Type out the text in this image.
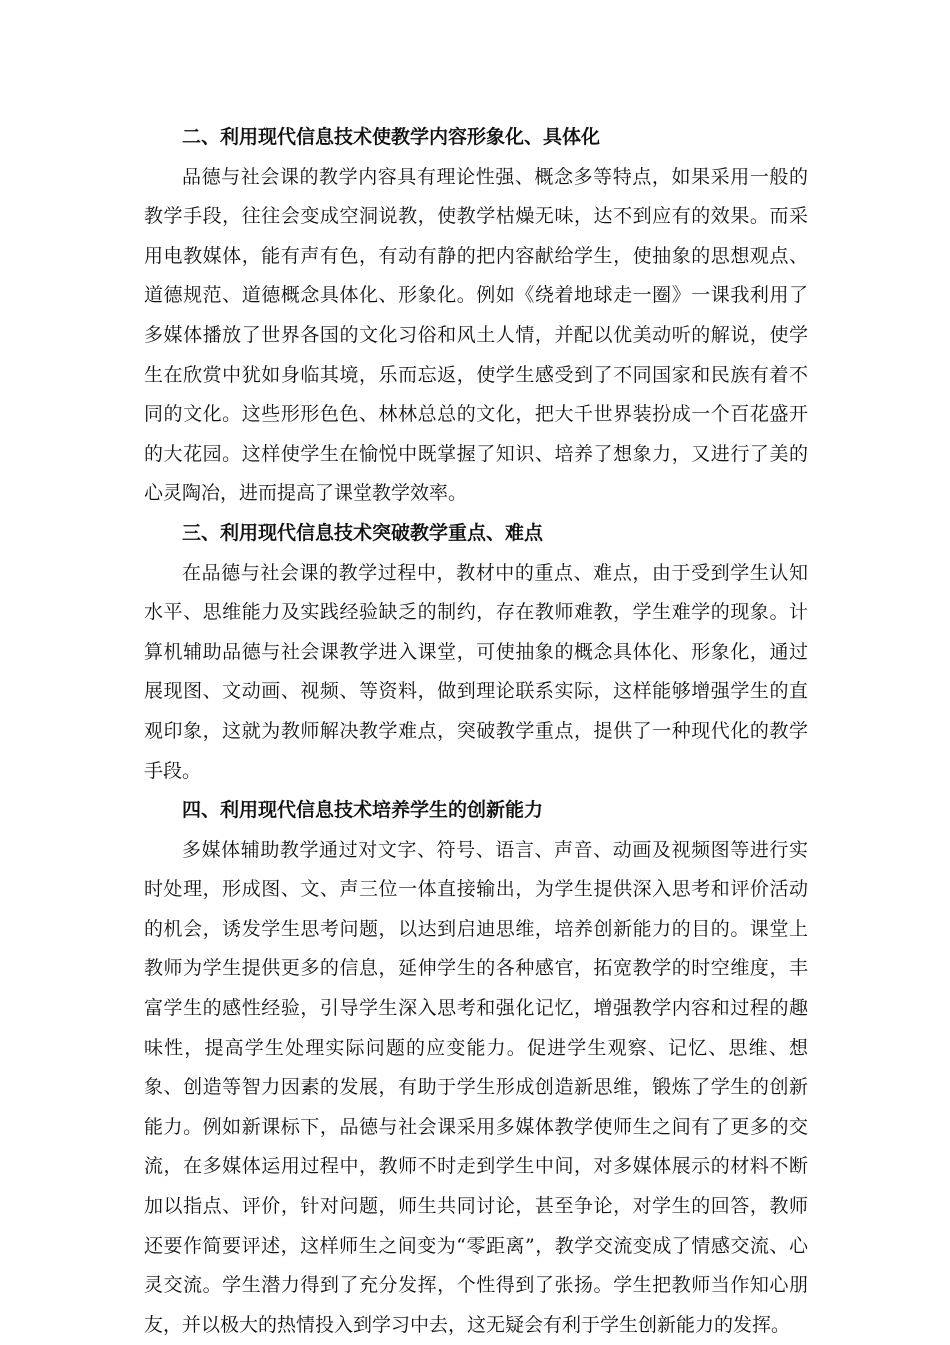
二、利用现代信息技术使教学内容形象化、具体化

品德与社会课的教学内容具有理论性强、概念多等特点，如果采用一般的教学手段，往往会变成空洞说教，使教学枯燥无味，达不到应有的效果。而采用电教媒体，能有声有色，有动有静的把内容献给学生，使抽象的思想观点、道德规范、道德概念具体化、形象化。例如《绕着地球走一圈》一课我利用了多媒体播放了世界各国的文化习俗和风土人情，并配以优美动听的解说，使学生在欣赏中犹如身临其境，乐而忘返，使学生感受到了不同国家和民族有着不同的文化。这些形形色色、林林总总的文化，把大千世界装扮成一个百花盛开的大花园。这样使学生在愉悦中既掌握了知识、培养了想象力，又进行了美的心灵陶冶，进而提高了课堂教学效率。

三、利用现代信息技术突破教学重点、难点

在品德与社会课的教学过程中，教材中的重点、难点，由于受到学生认知水平、思维能力及实践经验缺乏的制约，存在教师难教，学生难学的现象。计算机辅助品德与社会课教学进入课堂，可使抽象的概念具体化、形象化，通过展现图、文动画、视频、等资料，做到理论联系实际，这样能够增强学生的直观印象，这就为教师解决教学难点，突破教学重点，提供了一种现代化的教学手段。

四、利用现代信息技术培养学生的创新能力

多媒体辅助教学通过对文字、符号、语言、声音、动画及视频图等进行实时处理，形成图、文、声三位一体直接输出，为学生提供深入思考和评价活动的机会，诱发学生思考问题，以达到启迪思维，培养创新能力的目的。课堂上教师为学生提供更多的信息，延伸学生的各种感官，拓宽教学的时空维度，丰富学生的感性经验，引导学生深入思考和强化记忆，增强教学内容和过程的趣味性，提高学生处理实际问题的应变能力。促进学生观察、记忆、思维、想象、创造等智力因素的发展，有助于学生形成创造新思维，锻炼了学生的创新能力。例如新课标下，品德与社会课采用多媒体教学使师生之间有了更多的交流，在多媒体运用过程中，教师不时走到学生中间，对多媒体展示的材料不断加以指点、评价，针对问题，师生共同讨论，甚至争论，对学生的回答，教师还要作简要评述，这样师生之间变为“零距离”，教学交流变成了情感交流、心灵交流。学生潜力得到了充分发挥，个性得到了张扬。学生把教师当作知心朋友，并以极大的热情投入到学习中去，这无疑会有利于学生创新能力的发挥。
